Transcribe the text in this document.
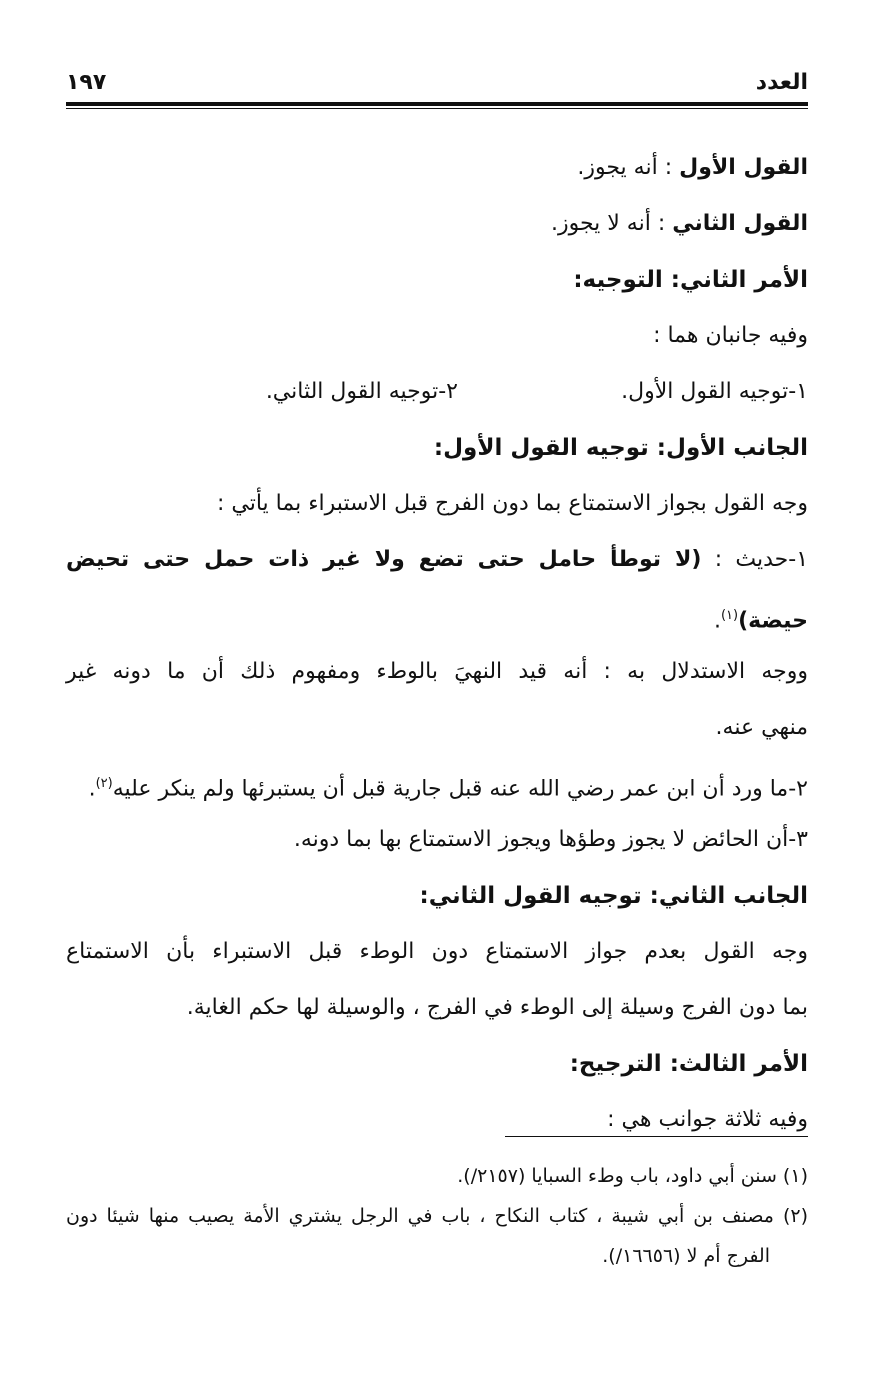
١٩٧	العدد
القول الأول : أنه يجوز.
القول الثاني : أنه لا يجوز.
الأمر الثاني: التوجيه:
وفيه جانبان هما :
١-توجيه القول الأول.
٢-توجيه القول الثاني.
الجانب الأول: توجيه القول الأول:
وجه القول بجواز الاستمتاع بما دون الفرج قبل الاستبراء بما يأتي :
١-حديث : (لا توطأ حامل حتى تضع ولا غير ذات حمل حتى تحيض
حيضة)$^{(١)}$.
ووجه الاستدلال به : أنه قيد النهيَ بالوطء ومفهوم ذلك أن ما دونه غير
منهي عنه.
٢-ما ورد أن ابن عمر رضي الله عنه قبل جارية قبل أن يستبرئها ولم ينكر عليه$^{(٢)}$.
٣-أن الحائض لا يجوز وطؤها ويجوز الاستمتاع بها بما دونه.
الجانب الثاني: توجيه القول الثاني:
وجه القول بعدم جواز الاستمتاع دون الوطء قبل الاستبراء بأن الاستمتاع
بما دون الفرج وسيلة إلى الوطء في الفرج ، والوسيلة لها حكم الغاية.
الأمر الثالث: الترجيح:
وفيه ثلاثة جوانب هي :
(١) سنن أبي داود، باب وطء السبايا (٢١٥٧/).
(٢) مصنف بن أبي شيبة ، كتاب النكاح ، باب في الرجل يشتري الأمة يصيب منها شيئا دون
الفرج أم لا (١٦٦٥٦/).
